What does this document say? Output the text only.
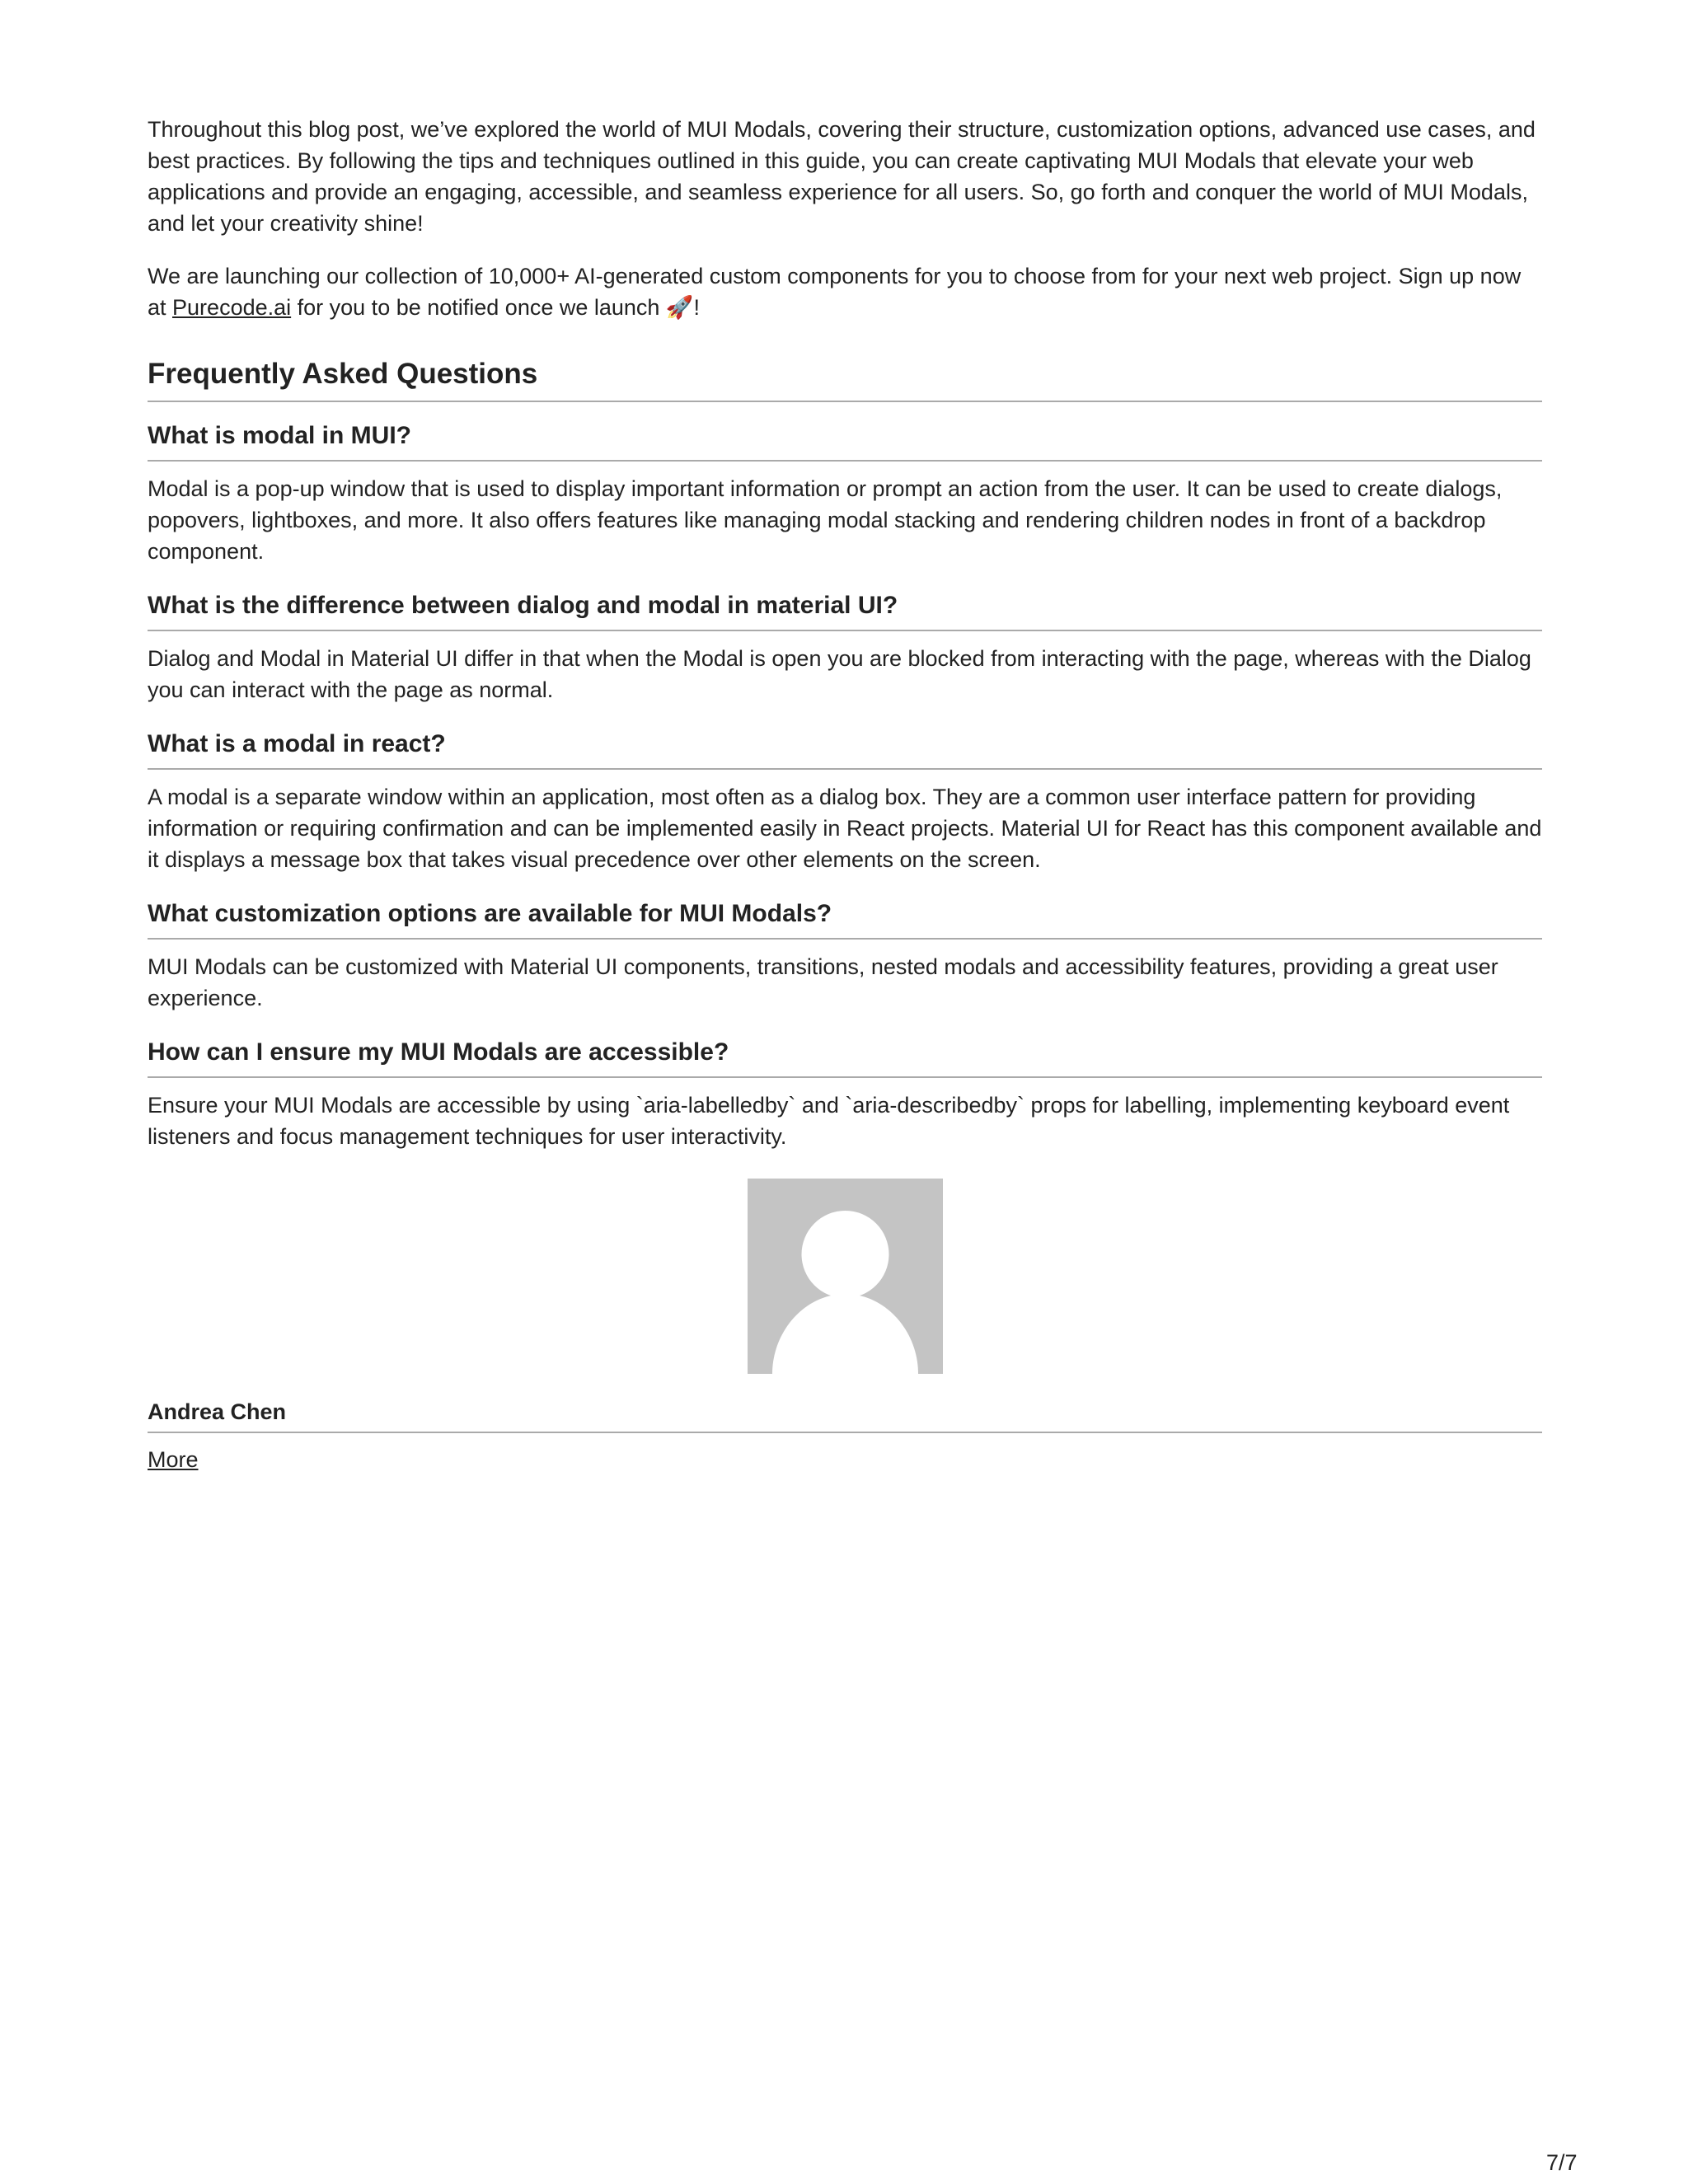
Throughout this blog post, we’ve explored the world of MUI Modals, covering their structure, customization options, advanced use cases, and best practices. By following the tips and techniques outlined in this guide, you can create captivating MUI Modals that elevate your web applications and provide an engaging, accessible, and seamless experience for all users. So, go forth and conquer the world of MUI Modals, and let your creativity shine!

We are launching our collection of 10,000+ AI-generated custom components for you to choose from for your next web project. Sign up now at Purecode.ai for you to be notified once we launch 🚀!

Frequently Asked Questions
What is modal in MUI?

Modal is a pop-up window that is used to display important information or prompt an action from the user. It can be used to create dialogs, popovers, lightboxes, and more. It also offers features like managing modal stacking and rendering children nodes in front of a backdrop component.

What is the difference between dialog and modal in material UI?

Dialog and Modal in Material UI differ in that when the Modal is open you are blocked from interacting with the page, whereas with the Dialog you can interact with the page as normal.

What is a modal in react?

A modal is a separate window within an application, most often as a dialog box. They are a common user interface pattern for providing information or requiring confirmation and can be implemented easily in React projects. Material UI for React has this component available and it displays a message box that takes visual precedence over other elements on the screen.

What customization options are available for MUI Modals?

MUI Modals can be customized with Material UI components, transitions, nested modals and accessibility features, providing a great user experience.

How can I ensure my MUI Modals are accessible?

Ensure your MUI Modals are accessible by using `aria-labelledby` and `aria-describedby` props for labelling, implementing keyboard event listeners and focus management techniques for user interactivity.

Andrea Chen
More
7/7
